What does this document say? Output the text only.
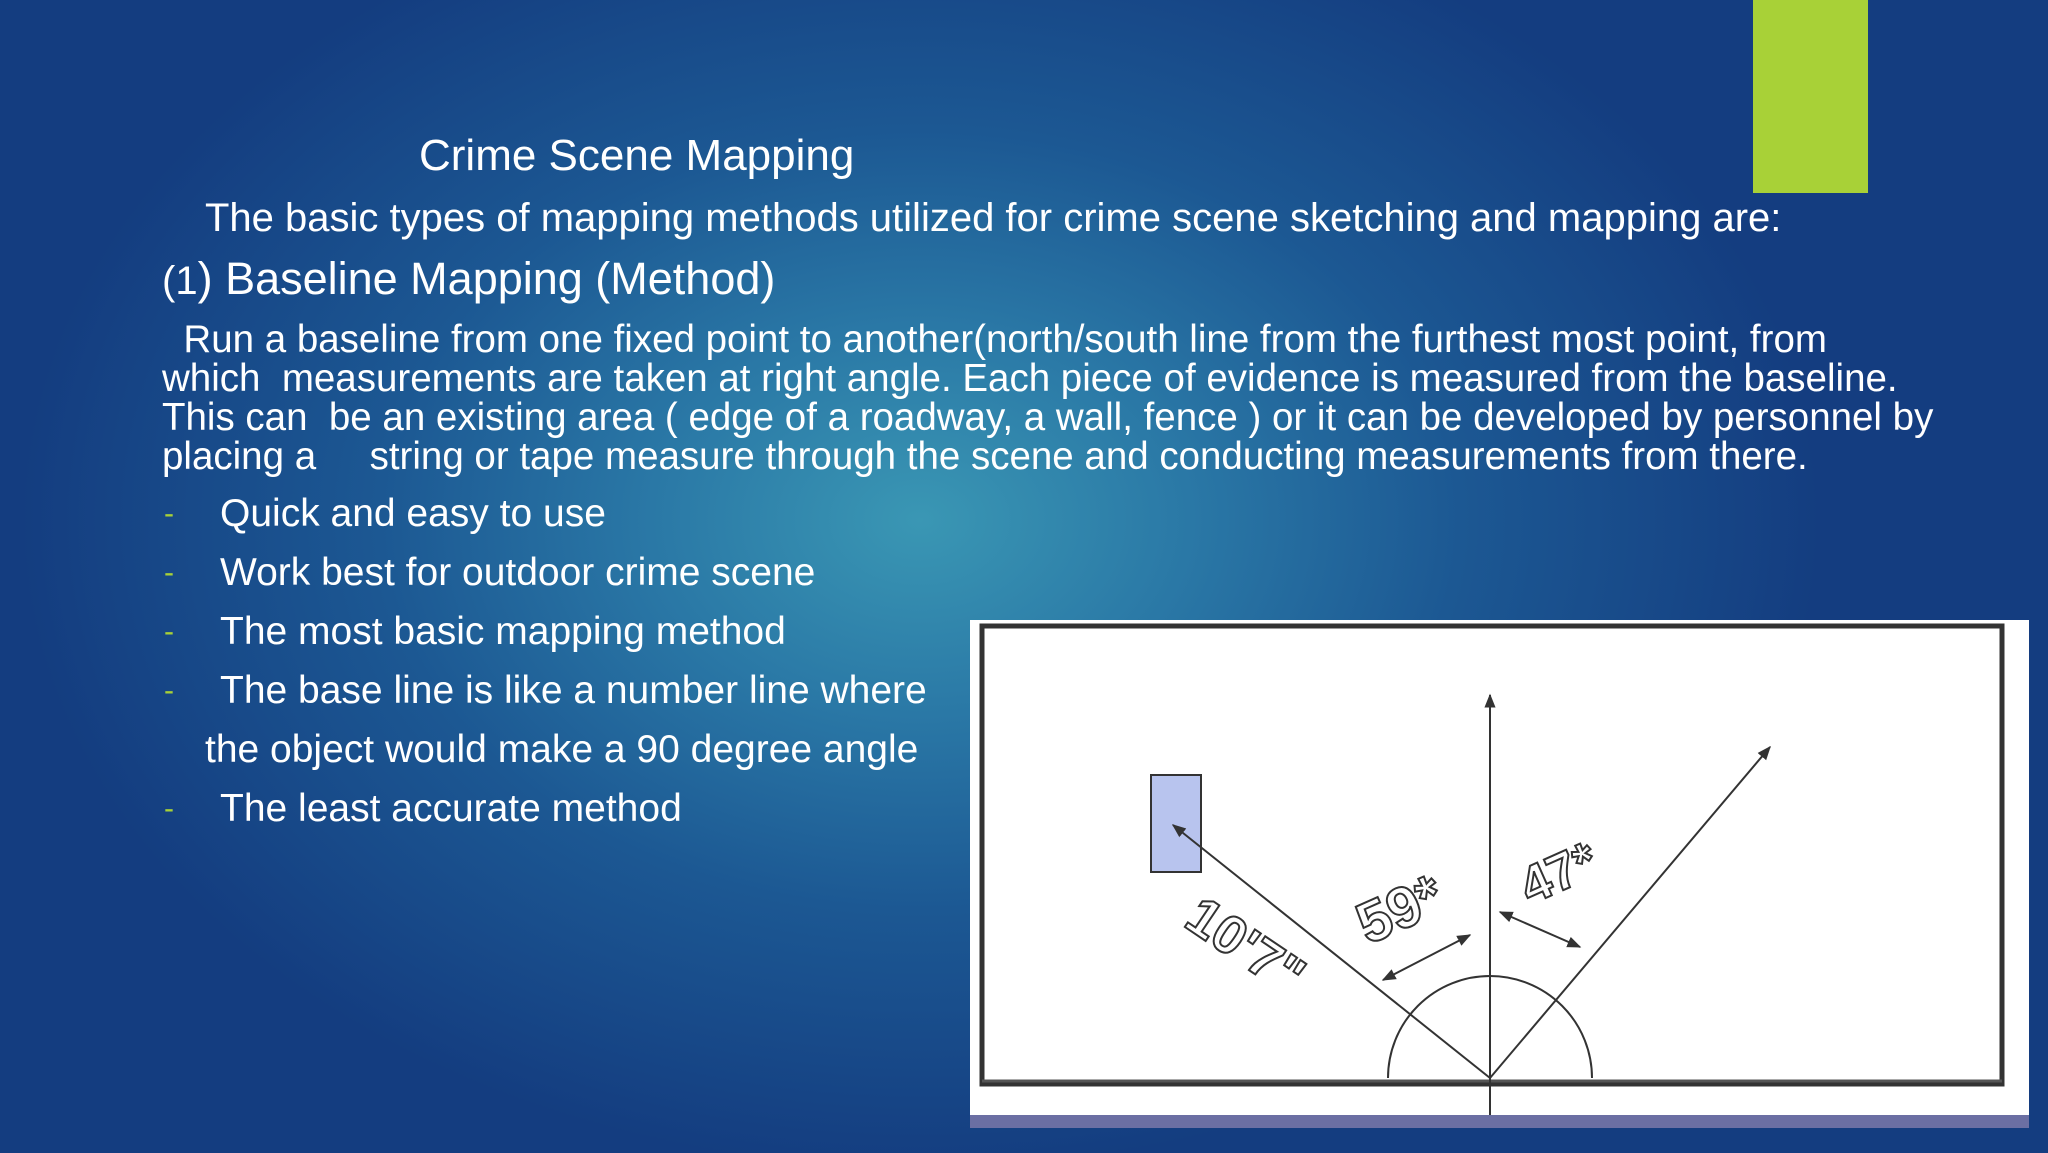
Crime Scene Mapping
The basic types of mapping methods utilized for crime scene sketching and mapping are:
(1) Baseline Mapping (Method)
Run a baseline from one fixed point to another(north/south line from the furthest most point, from
which  measurements are taken at right angle. Each piece of evidence is measured from the baseline.
This can  be an existing area ( edge of a roadway, a wall, fence ) or it can be developed by personnel by
placing a     string or tape measure through the scene and conducting measurements from there.
- Quick and easy to use
- Work best for outdoor crime scene
- The most basic mapping method
- The base line is like a number line where
the object would make a 90 degree angle
- The least accurate method
10'7" 59* 47*
